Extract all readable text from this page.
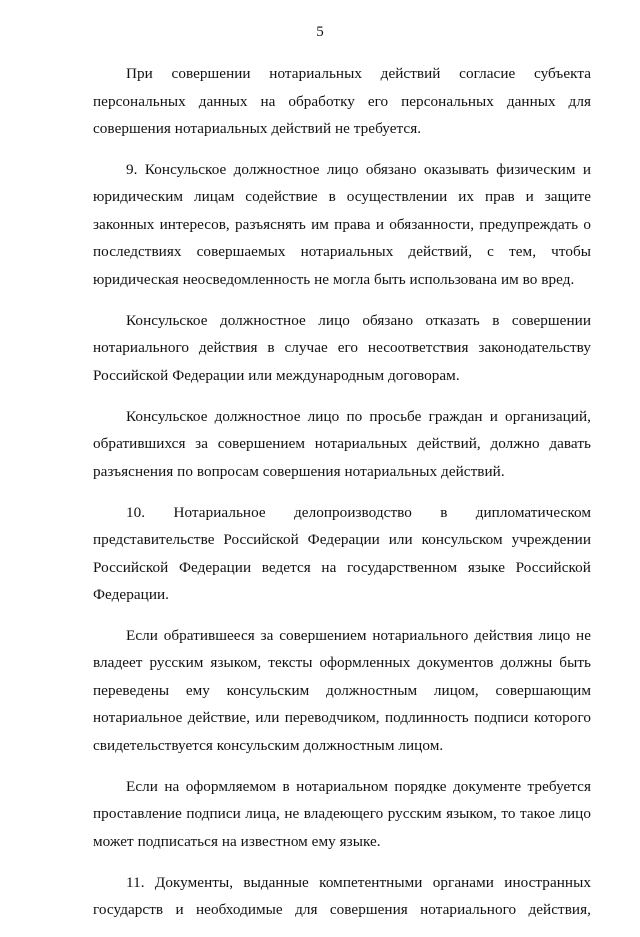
5

При совершении нотариальных действий согласие субъекта персональных данных на обработку его персональных данных для совершения нотариальных действий не требуется.

9. Консульское должностное лицо обязано оказывать физическим и юридическим лицам содействие в осуществлении их прав и защите законных интересов, разъяснять им права и обязанности, предупреждать о последствиях совершаемых нотариальных действий, с тем, чтобы юридическая неосведомленность не могла быть использована им во вред.

Консульское должностное лицо обязано отказать в совершении нотариального действия в случае его несоответствия законодательству Российской Федерации или международным договорам.

Консульское должностное лицо по просьбе граждан и организаций, обратившихся за совершением нотариальных действий, должно давать разъяснения по вопросам совершения нотариальных действий.

10. Нотариальное делопроизводство в дипломатическом представительстве Российской Федерации или консульском учреждении Российской Федерации ведется на государственном языке Российской Федерации.

Если обратившееся за совершением нотариального действия лицо не владеет русским языком, тексты оформленных документов должны быть переведены ему консульским должностным лицом, совершающим нотариальное действие, или переводчиком, подлинность подписи которого свидетельствуется консульским должностным лицом.

Если на оформляемом в нотариальном порядке документе требуется проставление подписи лица, не владеющего русским языком, то такое лицо может подписаться на известном ему языке.

11. Документы, выданные компетентными органами иностранных государств и необходимые для совершения нотариального действия,
